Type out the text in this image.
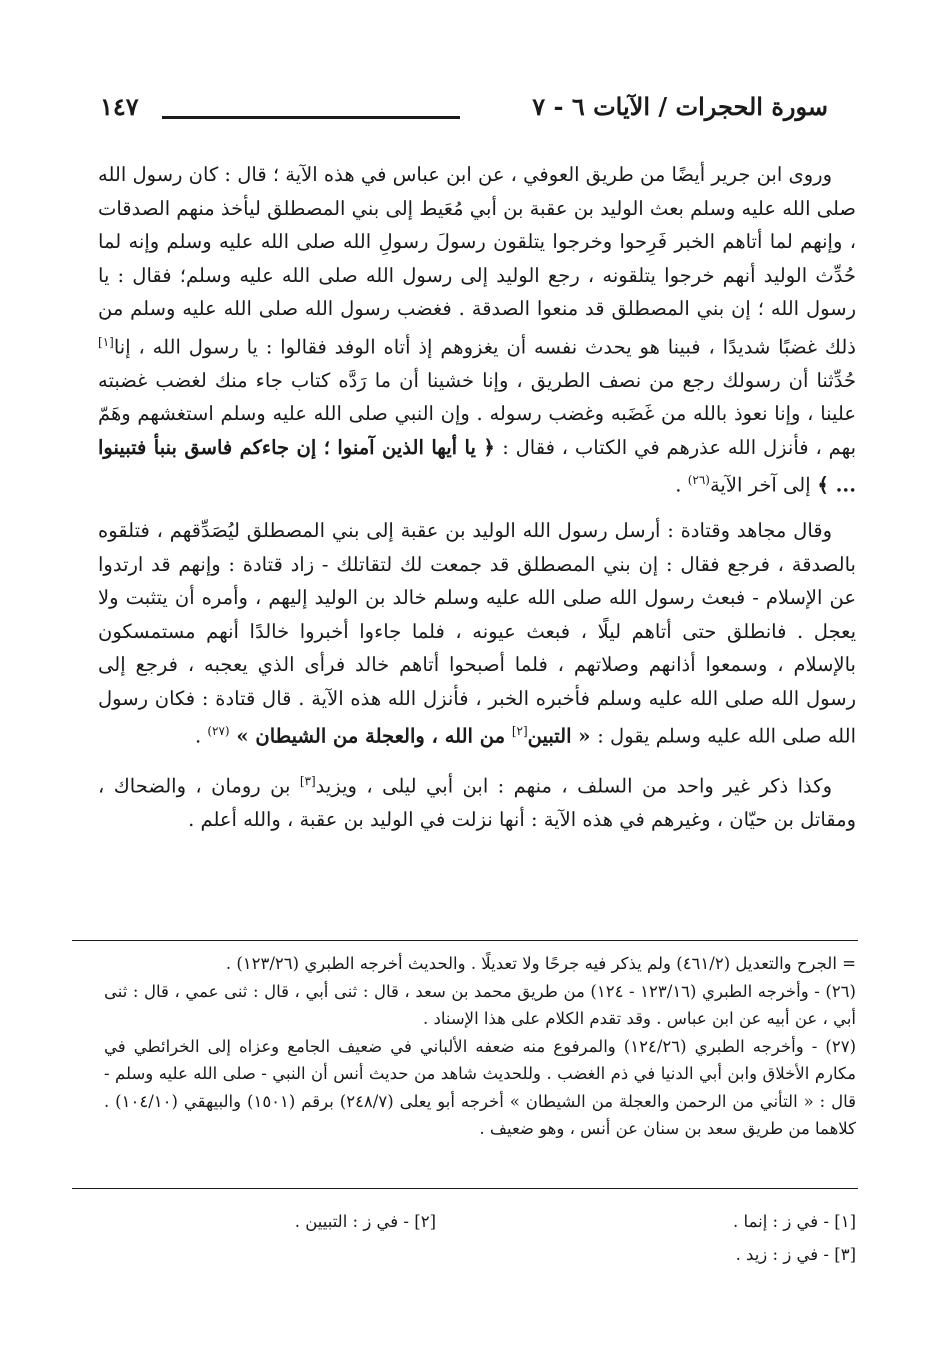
سورة الحجرات / الآيات ٦ - ٧
١٤٧

وروى ابن جرير أيضًا من طريق العوفي ، عن ابن عباس في هذه الآية ؛ قال : كان رسول الله صلى الله عليه وسلم بعث الوليد بن عقبة بن أبي مُعَيط إلى بني المصطلق ليأخذ منهم الصدقات ، وإنهم لما أتاهم الخبر فَرِحوا وخرجوا يتلقون رسولَ رسولِ الله صلى الله عليه وسلم وإنه لما حُدِّث الوليد أنهم خرجوا يتلقونه ، رجع الوليد إلى رسول الله صلى الله عليه وسلم؛ فقال : يا رسول الله ؛ إن بني المصطلق قد منعوا الصدقة . فغضب رسول الله صلى الله عليه وسلم من ذلك غضبًا شديدًا ، فبينا هو يحدث نفسه أن يغزوهم إذ أتاه الوفد فقالوا : يا رسول الله ، إنا[١] حُدِّثنا أن رسولك رجع من نصف الطريق ، وإنا خشينا أن ما رَدَّه كتاب جاء منك لغضب غضبته علينا ، وإنا نعوذ بالله من غَضَبه وغضب رسوله . وإن النبي صلى الله عليه وسلم استغشهم وهَمّ بهم ، فأنزل الله عذرهم في الكتاب ، فقال : ﴿ يا أيها الذين آمنوا ؛ إن جاءكم فاسق بنبأ فتبينوا ... ﴾ إلى آخر الآية$^{(٢٦)}$ .

وقال مجاهد وقتادة : أرسل رسول الله الوليد بن عقبة إلى بني المصطلق ليُصَدِّقهم ، فتلقوه بالصدقة ، فرجع فقال : إن بني المصطلق قد جمعت لك لتقاتلك - زاد قتادة : وإنهم قد ارتدوا عن الإسلام - فبعث رسول الله صلى الله عليه وسلم خالد بن الوليد إليهم ، وأمره أن يتثبت ولا يعجل . فانطلق حتى أتاهم ليلًا ، فبعث عيونه ، فلما جاءوا أخبروا خالدًا أنهم مستمسكون بالإسلام ، وسمعوا أذانهم وصلاتهم ، فلما أصبحوا أتاهم خالد فرأى الذي يعجبه ، فرجع إلى رسول الله صلى الله عليه وسلم فأخبره الخبر ، فأنزل الله هذه الآية . قال قتادة : فكان رسول الله صلى الله عليه وسلم يقول : « التبين[٢] من الله ، والعجلة من الشيطان » $^{(٢٧)}$ .

وكذا ذكر غير واحد من السلف ، منهم : ابن أبي ليلى ، ويزيد[٣] بن رومان ، والضحاك ، ومقاتل بن حيّان ، وغيرهم في هذه الآية : أنها نزلت في الوليد بن عقبة ، والله أعلم .

= الجرح والتعديل (٤٦١/٢) ولم يذكر فيه جرحًا ولا تعديلًا . والحديث أخرجه الطبري (١٢٣/٢٦) .

(٢٦) - وأخرجه الطبري (١٢٣/١٦ - ١٢٤) من طريق محمد بن سعد ، قال : ثنى أبي ، قال : ثنى عمي ، قال : ثنى أبي ، عن أبيه عن ابن عباس . وقد تقدم الكلام على هذا الإسناد .

(٢٧) - وأخرجه الطبري (١٢٤/٢٦) والمرفوع منه ضعفه الألباني في ضعيف الجامع وعزاه إلى الخرائطي في مكارم الأخلاق وابن أبي الدنيا في ذم الغضب . وللحديث شاهد من حديث أنس أن النبي - صلى الله عليه وسلم - قال : « التأني من الرحمن والعجلة من الشيطان » أخرجه أبو يعلى (٢٤٨/٧) برقم (١٥٠١) والبيهقي (١٠٤/١٠) . كلاهما من طريق سعد بن سنان عن أنس ، وهو ضعيف .

[١] - في ز : إنما .
[٢] - في ز : التبيين .
[٣] - في ز : زيد .
